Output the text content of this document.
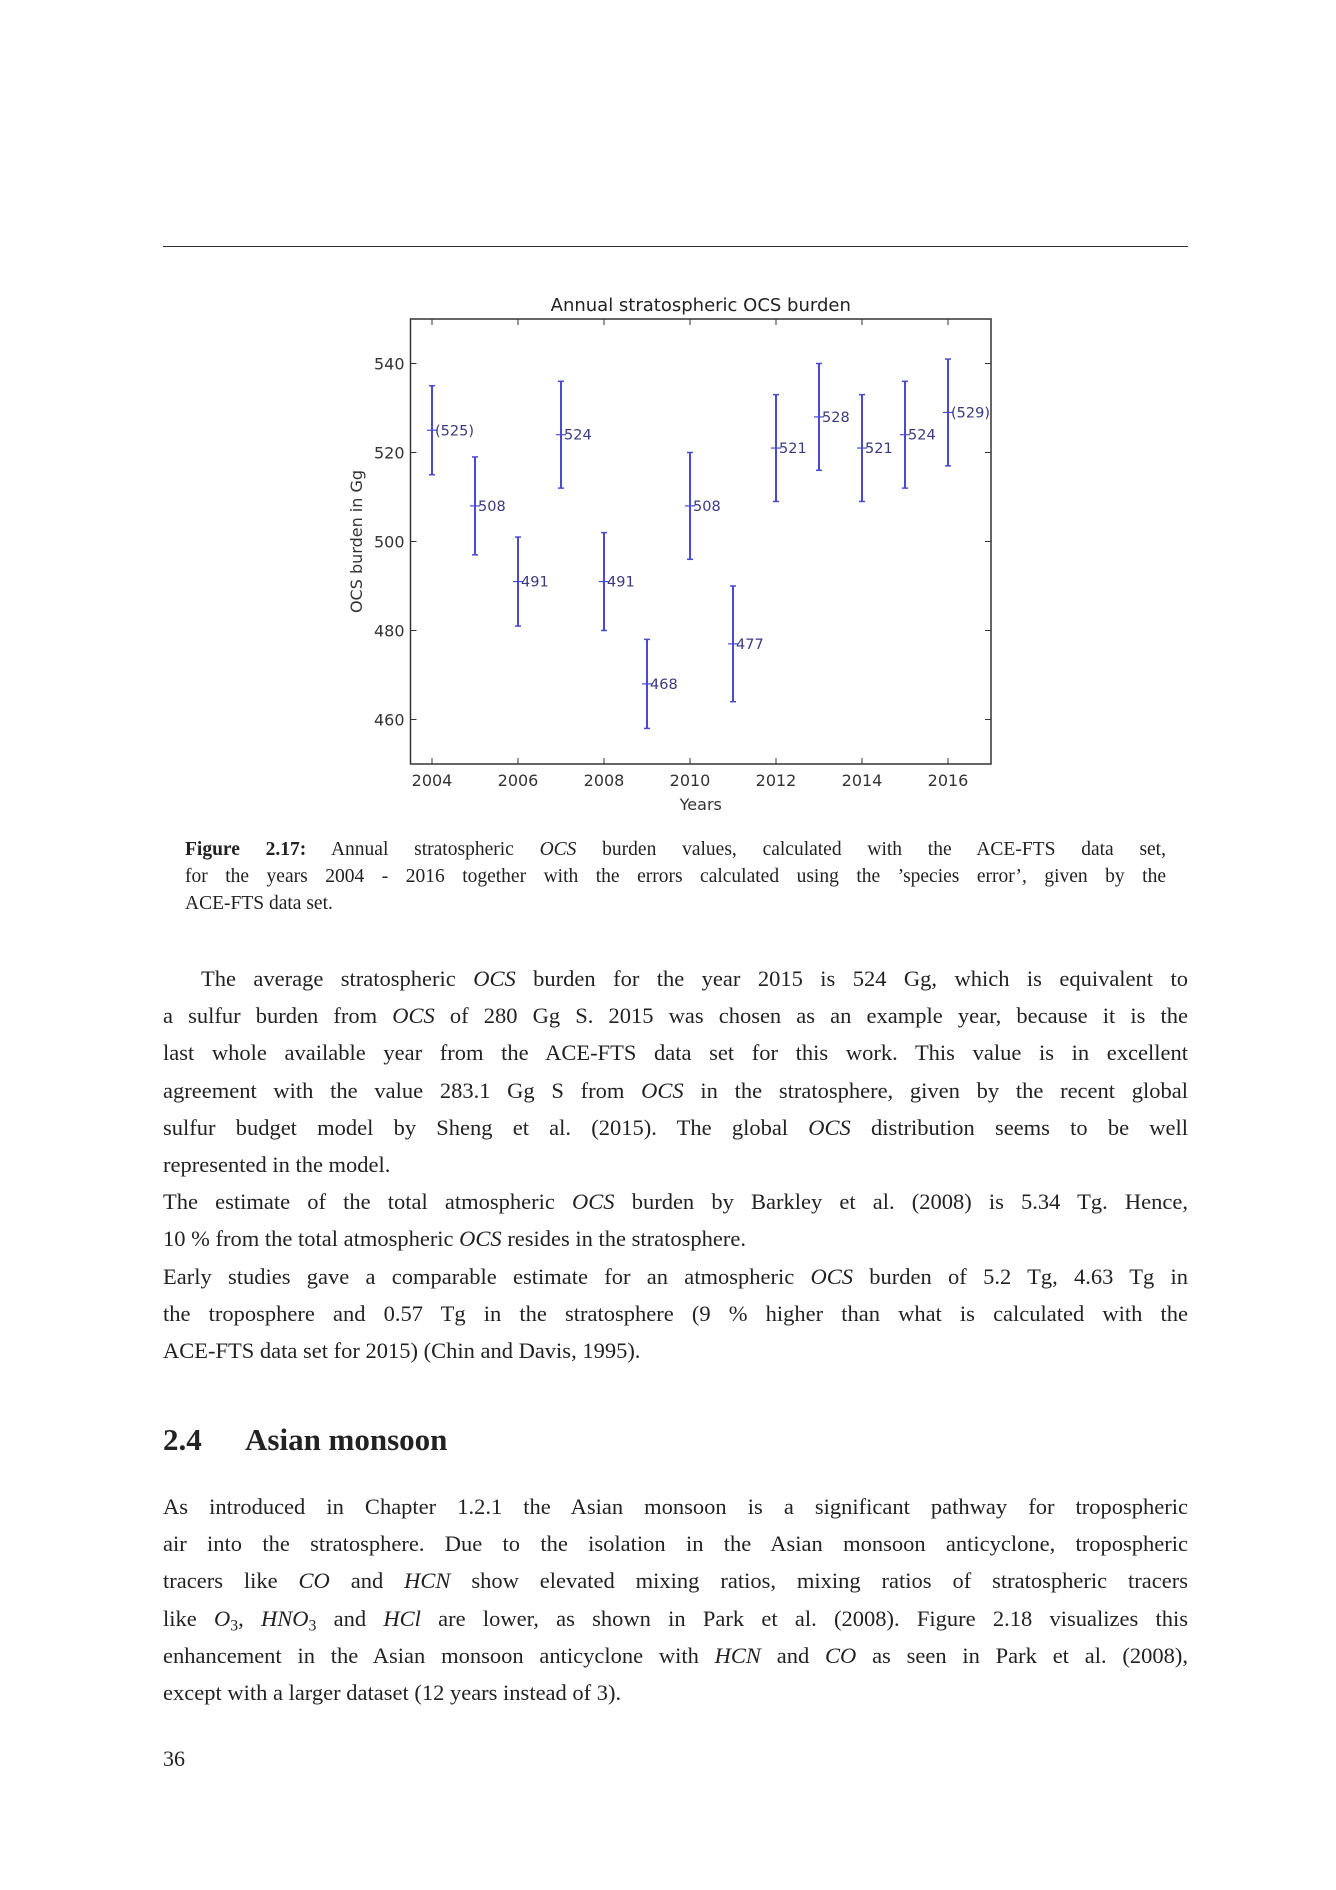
Annual stratospheric OCS burden
Years
OCS burden in Gg
2004	2006	2008	2010	2012	2014	2016
460
480
500
520
540
(525)
508
491
524
491
468
508
477
521
528
521
524
(529)
Figure 2.17: Annual stratospheric OCS burden values, calculated with the ACE-FTS data set,
for the years 2004 - 2016 together with the errors calculated using the ’species error’, given by the
ACE-FTS data set.
The average stratospheric OCS burden for the year 2015 is 524 Gg, which is equivalent to
a sulfur burden from OCS of 280 Gg S. 2015 was chosen as an example year, because it is the
last whole available year from the ACE-FTS data set for this work. This value is in excellent
agreement with the value 283.1 Gg S from OCS in the stratosphere, given by the recent global
sulfur budget model by Sheng et al. (2015). The global OCS distribution seems to be well
represented in the model.
The estimate of the total atmospheric OCS burden by Barkley et al. (2008) is 5.34 Tg. Hence,
10 % from the total atmospheric OCS resides in the stratosphere.
Early studies gave a comparable estimate for an atmospheric OCS burden of 5.2 Tg, 4.63 Tg in
the troposphere and 0.57 Tg in the stratosphere (9 % higher than what is calculated with the
ACE-FTS data set for 2015) (Chin and Davis, 1995).
As introduced in Chapter 1.2.1 the Asian monsoon is a significant pathway for tropospheric
air into the stratosphere. Due to the isolation in the Asian monsoon anticyclone, tropospheric
tracers like CO and HCN show elevated mixing ratios, mixing ratios of stratospheric tracers
like $O_3$, $HNO_3$ and HCl are lower, as shown in Park et al. (2008). Figure 2.18 visualizes this
enhancement in the Asian monsoon anticyclone with HCN and CO as seen in Park et al. (2008),
except with a larger dataset (12 years instead of 3).
2.4 Asian monsoon
36
